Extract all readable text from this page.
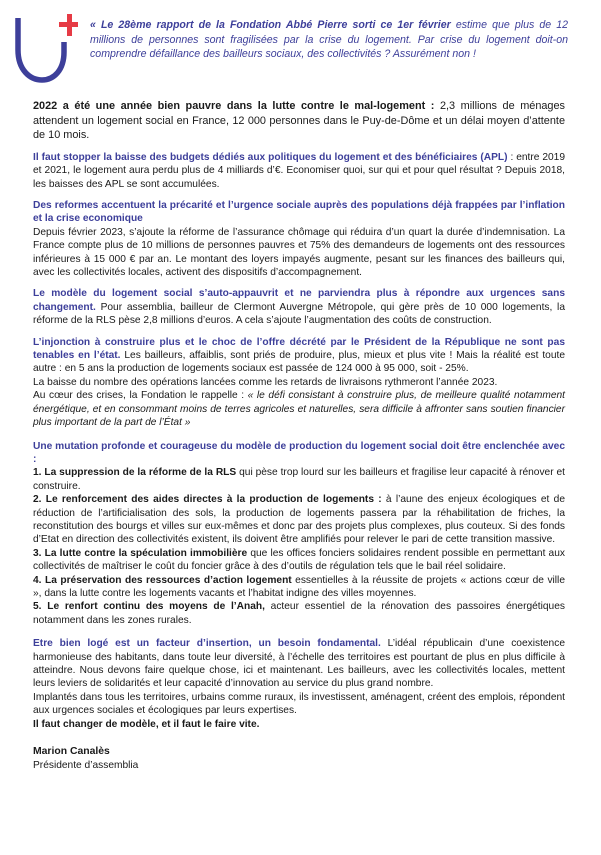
« Le 28ème rapport de la Fondation Abbé Pierre sorti ce 1er février estime que plus de 12 millions de personnes sont fragilisées par la crise du logement. Par crise du logement doit-on comprendre défaillance des bailleurs sociaux, des collectivités ? Assurément non !

2022 a été une année bien pauvre dans la lutte contre le mal-logement : 2,3 millions de ménages attendent un logement social en France, 12 000 personnes dans le Puy-de-Dôme et un délai moyen d’attente de 10 mois.

Il faut stopper la baisse des budgets dédiés aux politiques du logement et des bénéficiaires (APL) : entre 2019 et 2021, le logement aura perdu plus de 4 milliards d’€. Economiser quoi, sur qui et pour quel résultat ? Depuis 2018, les baisses des APL se sont accumulées.

Des reformes accentuent la précarité et l’urgence sociale auprès des populations déjà frappées par l’inflation et la crise economique

Depuis février 2023, s’ajoute la réforme de l’assurance chômage qui réduira d’un quart la durée d’indemnisation. La France compte plus de 10 millions de personnes pauvres et 75% des demandeurs de logements ont des ressources inférieures à 15 000 € par an. Le montant des loyers impayés augmente, pesant sur les finances des bailleurs qui, avec les collectivités locales, activent des dispositifs d’accompagnement.

Le modèle du logement social s’auto-appauvrit et ne parviendra plus à répondre aux urgences sans changement. Pour assemblia, bailleur de Clermont Auvergne Métropole, qui gère près de 10 000 logements, la réforme de la RLS pèse 2,8 millions d’euros. A cela s’ajoute l’augmentation des coûts de construction.

L’injonction à construire plus et le choc de l’offre décrété par le Président de la République ne sont pas tenables en l’état. Les bailleurs, affaiblis, sont priés de produire, plus, mieux et plus vite ! Mais la réalité est toute autre : en 5 ans la production de logements sociaux est passée de 124 000 à 95 000, soit - 25%.

La baisse du nombre des opérations lancées comme les retards de livraisons rythmeront l’année 2023.

Au cœur des crises, la Fondation le rappelle : « le défi consistant à construire plus, de meilleure qualité notamment énergétique, et en consommant moins de terres agricoles et naturelles, sera difficile à affronter sans soutien financier plus important de la part de l’État »

Une mutation profonde et courageuse du modèle de production du logement social doit être enclenchée avec :

1. La suppression de la réforme de la RLS qui pèse trop lourd sur les bailleurs et fragilise leur capacité à rénover et construire.

2. Le renforcement des aides directes à la production de logements : à l’aune des enjeux écologiques et de réduction de l’artificialisation des sols, la production de logements passera par la réhabilitation de friches, la reconstitution des bourgs et villes sur eux-mêmes et donc par des projets plus complexes, plus couteux. Si des fonds d’Etat en direction des collectivités existent, ils doivent être amplifiés pour relever le pari de cette transition massive.

3. La lutte contre la spéculation immobilière que les offices fonciers solidaires rendent possible en permettant aux collectivités de maîtriser le coût du foncier grâce à des d’outils de régulation tels que le bail réel solidaire.

4. La préservation des ressources d’action logement essentielles à la réussite de projets « actions cœur de ville », dans la lutte contre les logements vacants et l’habitat indigne des villes moyennes.

5. Le renfort continu des moyens de l’Anah, acteur essentiel de la rénovation des passoires énergétiques notamment dans les zones rurales.

Etre bien logé est un facteur d’insertion, un besoin fondamental. L’idéal républicain d’une coexistence harmonieuse des habitants, dans toute leur diversité, à l’échelle des territoires est pourtant de plus en plus difficile à atteindre. Nous devons faire quelque chose, ici et maintenant. Les bailleurs, avec les collectivités locales, mettent leurs leviers de solidarités et leur capacité d’innovation au service du plus grand nombre.

Implantés dans tous les territoires, urbains comme ruraux, ils investissent, aménagent, créent des emplois, répondent aux urgences sociales et écologiques par leurs expertises.

Il faut changer de modèle, et il faut le faire vite.

Marion Canalès
Présidente d’assemblia
